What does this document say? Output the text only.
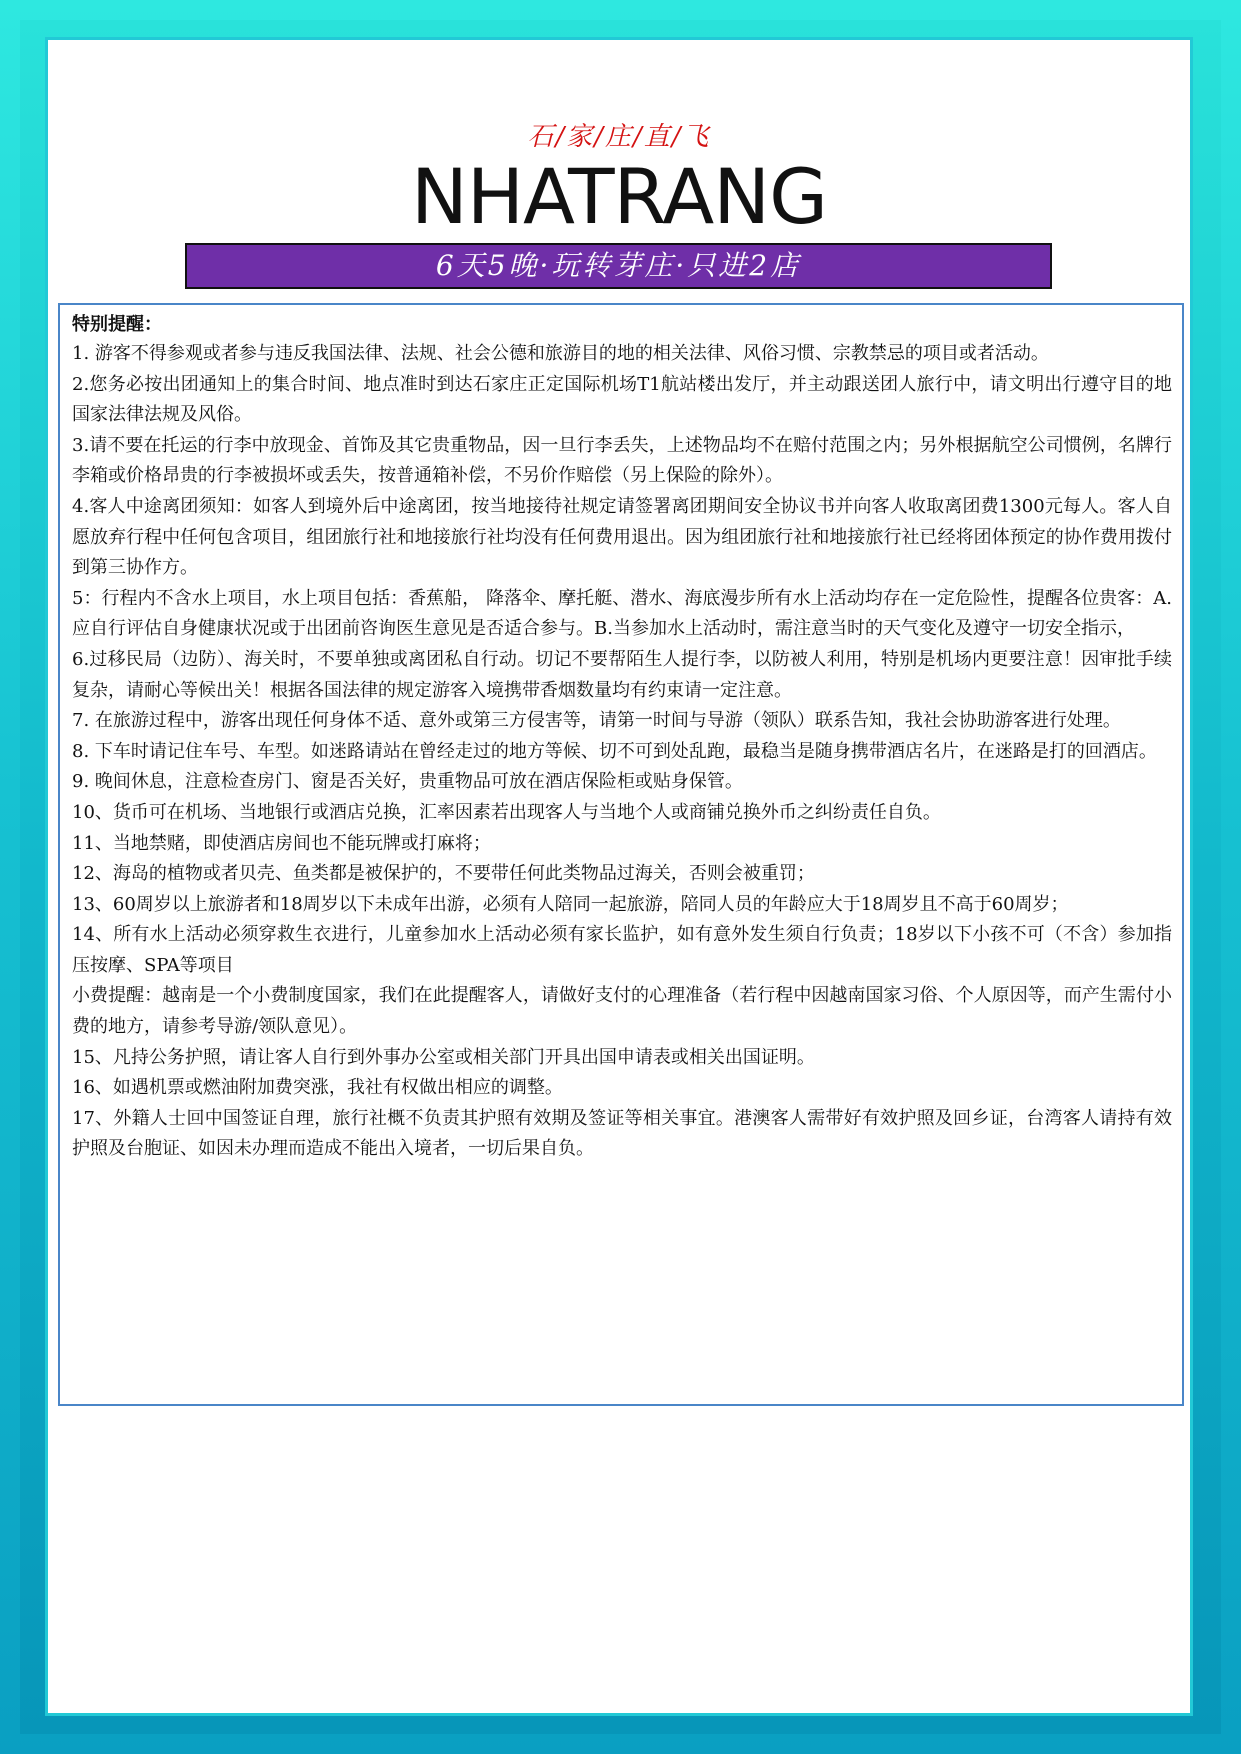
石/家/庄/直/飞
NHATRANG
6天5晚·玩转芽庄·只进2店
特别提醒：
1. 游客不得参观或者参与违反我国法律、法规、社会公德和旅游目的地的相关法律、风俗习惯、宗教禁忌的项目或者活动。
2.您务必按出团通知上的集合时间、地点准时到达石家庄正定国际机场T1航站楼出发厅，并主动跟送团人旅行中，请文明出行遵守目的地国家法律法规及风俗。
3.请不要在托运的行李中放现金、首饰及其它贵重物品，因一旦行李丢失，上述物品均不在赔付范围之内；另外根据航空公司惯例，名牌行李箱或价格昂贵的行李被损坏或丢失，按普通箱补偿，不另价作赔偿（另上保险的除外）。
4.客人中途离团须知：如客人到境外后中途离团，按当地接待社规定请签署离团期间安全协议书并向客人收取离团费1300元每人。客人自愿放弃行程中任何包含项目，组团旅行社和地接旅行社均没有任何费用退出。因为组团旅行社和地接旅行社已经将团体预定的协作费用拨付到第三协作方。
5：行程内不含水上项目，水上项目包括：香蕉船， 降落伞、摩托艇、潜水、海底漫步所有水上活动均存在一定危险性，提醒各位贵客：A.应自行评估自身健康状况或于出团前咨询医生意见是否适合参与。B.当参加水上活动时，需注意当时的天气变化及遵守一切安全指示，
6.过移民局（边防）、海关时，不要单独或离团私自行动。切记不要帮陌生人提行李，以防被人利用，特别是机场内更要注意！因审批手续复杂，请耐心等候出关！根据各国法律的规定游客入境携带香烟数量均有约束请一定注意。
7. 在旅游过程中，游客出现任何身体不适、意外或第三方侵害等，请第一时间与导游（领队）联系告知，我社会协助游客进行处理。
8. 下车时请记住车号、车型。如迷路请站在曾经走过的地方等候、切不可到处乱跑，最稳当是随身携带酒店名片，在迷路是打的回酒店。
9. 晚间休息，注意检查房门、窗是否关好，贵重物品可放在酒店保险柜或贴身保管。
10、货币可在机场、当地银行或酒店兑换，汇率因素若出现客人与当地个人或商铺兑换外币之纠纷责任自负。
11、当地禁赌，即使酒店房间也不能玩牌或打麻将；
12、海岛的植物或者贝壳、鱼类都是被保护的，不要带任何此类物品过海关，否则会被重罚；
13、60周岁以上旅游者和18周岁以下未成年出游，必须有人陪同一起旅游，陪同人员的年龄应大于18周岁且不高于60周岁；
14、所有水上活动必须穿救生衣进行，儿童参加水上活动必须有家长监护，如有意外发生须自行负责；18岁以下小孩不可（不含）参加指压按摩、SPA等项目
小费提醒：越南是一个小费制度国家，我们在此提醒客人，请做好支付的心理准备（若行程中因越南国家习俗、个人原因等，而产生需付小费的地方，请参考导游/领队意见）。
15、凡持公务护照，请让客人自行到外事办公室或相关部门开具出国申请表或相关出国证明。
16、如遇机票或燃油附加费突涨，我社有权做出相应的调整。
17、外籍人士回中国签证自理，旅行社概不负责其护照有效期及签证等相关事宜。港澳客人需带好有效护照及回乡证，台湾客人请持有效护照及台胞证、如因未办理而造成不能出入境者，一切后果自负。
